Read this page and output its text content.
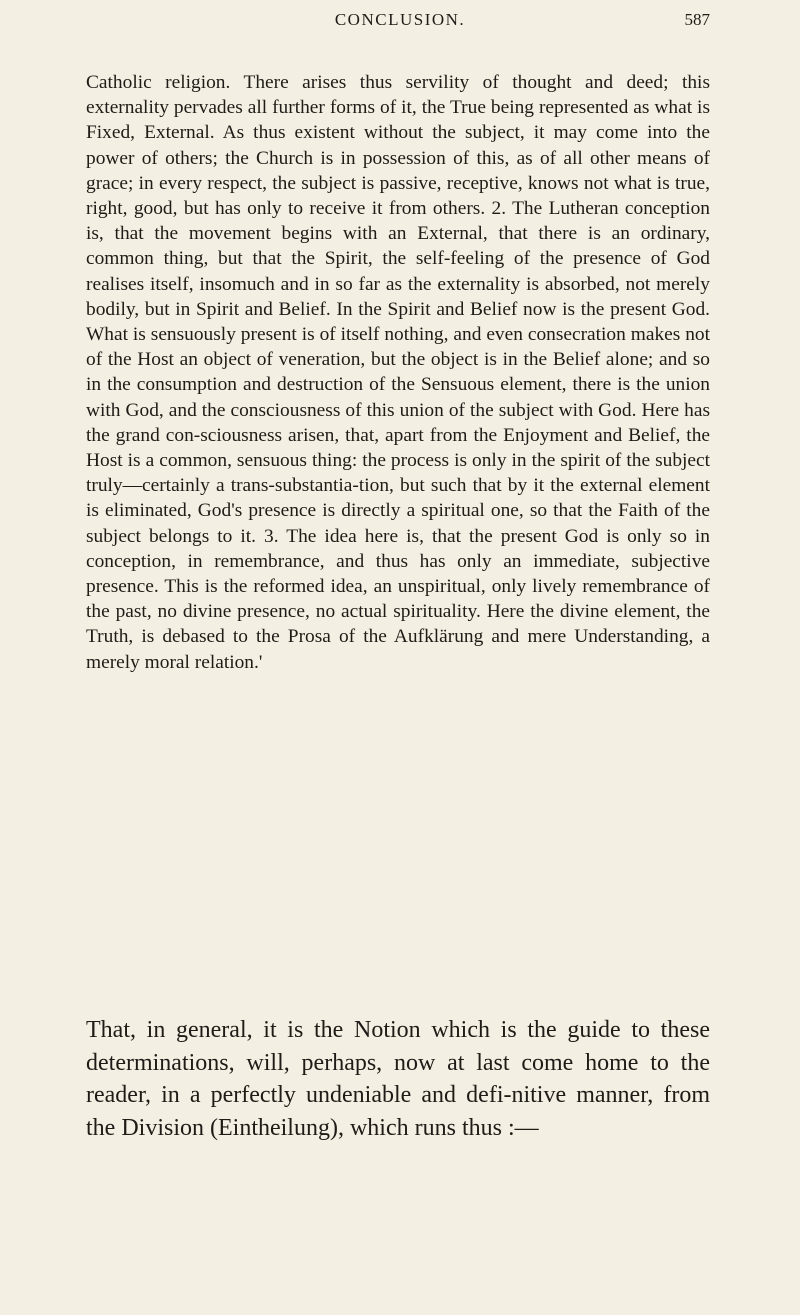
CONCLUSION.	587

Catholic religion. There arises thus servility of thought and deed; this externality pervades all further forms of it, the True being represented as what is Fixed, External. As thus existent without the subject, it may come into the power of others; the Church is in possession of this, as of all other means of grace; in every respect, the subject is passive, receptive, knows not what is true, right, good, but has only to receive it from others. 2. The Lutheran conception is, that the movement begins with an External, that there is an ordinary, common thing, but that the Spirit, the self-feeling of the presence of God realises itself, insomuch and in so far as the externality is absorbed, not merely bodily, but in Spirit and Belief. In the Spirit and Belief now is the present God. What is sensuously present is of itself nothing, and even consecration makes not of the Host an object of veneration, but the object is in the Belief alone; and so in the consumption and destruction of the Sensuous element, there is the union with God, and the consciousness of this union of the subject with God. Here has the grand con-sciousness arisen, that, apart from the Enjoyment and Belief, the Host is a common, sensuous thing: the process is only in the spirit of the subject truly—certainly a trans-substantia-tion, but such that by it the external element is eliminated, God's presence is directly a spiritual one, so that the Faith of the subject belongs to it. 3. The idea here is, that the present God is only so in conception, in remembrance, and thus has only an immediate, subjective presence. This is the reformed idea, an unspiritual, only lively remembrance of the past, no divine presence, no actual spirituality. Here the divine element, the Truth, is debased to the Prosa of the Aufklärung and mere Understanding, a merely moral relation.'

That, in general, it is the Notion which is the guide to these determinations, will, perhaps, now at last come home to the reader, in a perfectly undeniable and defi-nitive manner, from the Division (Eintheilung), which runs thus :—
